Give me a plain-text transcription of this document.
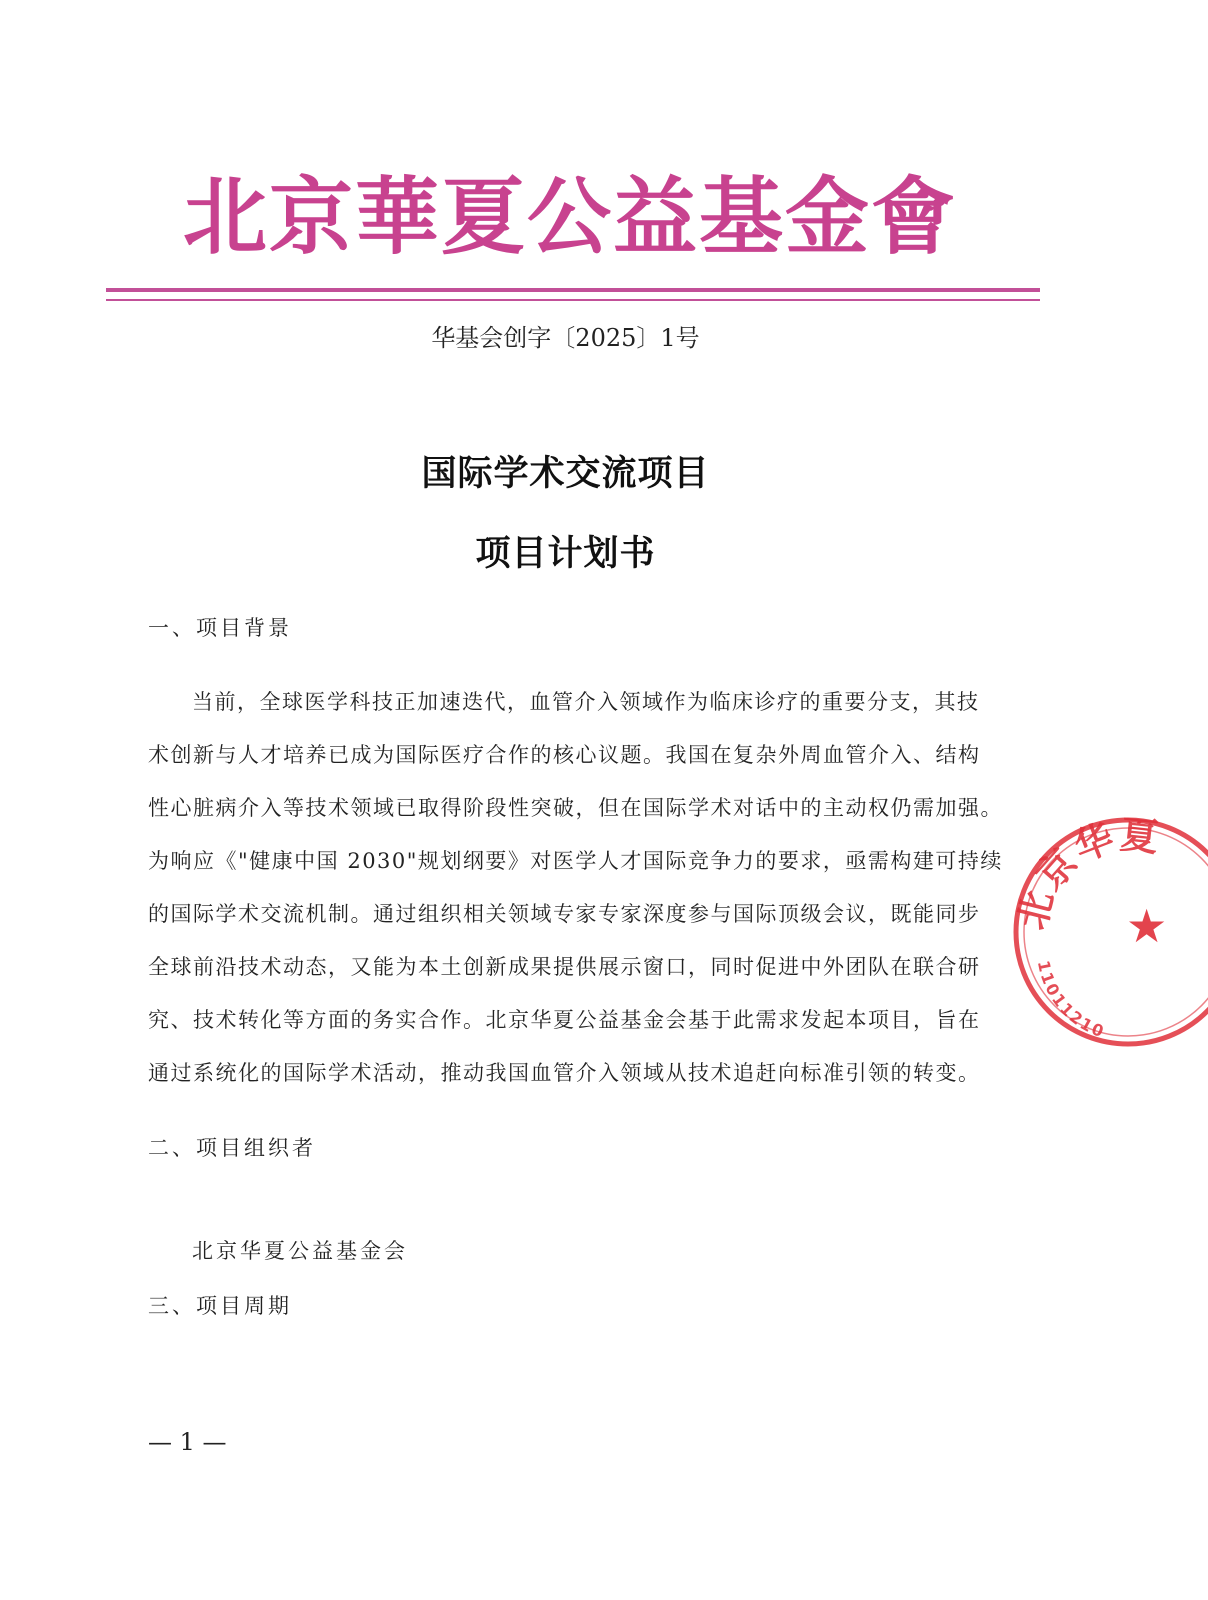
北京華夏公益基金會
华基会创字〔2025〕1号
国际学术交流项目
项目计划书
一、项目背景
当前，全球医学科技正加速迭代，血管介入领域作为临床诊疗的重要分支，其技
术创新与人才培养已成为国际医疗合作的核心议题。我国在复杂外周血管介入、结构
性心脏病介入等技术领域已取得阶段性突破，但在国际学术对话中的主动权仍需加强。
为响应《"健康中国 2030"规划纲要》对医学人才国际竞争力的要求，亟需构建可持续
的国际学术交流机制。通过组织相关领域专家专家深度参与国际顶级会议，既能同步
全球前沿技术动态，又能为本土创新成果提供展示窗口，同时促进中外团队在联合研
究、技术转化等方面的务实合作。北京华夏公益基金会基于此需求发起本项目，旨在
通过系统化的国际学术活动，推动我国血管介入领域从技术追赶向标准引领的转变。
二、项目组织者
北京华夏公益基金会
三、项目周期
— 1 —
北京华夏
11011210
★
